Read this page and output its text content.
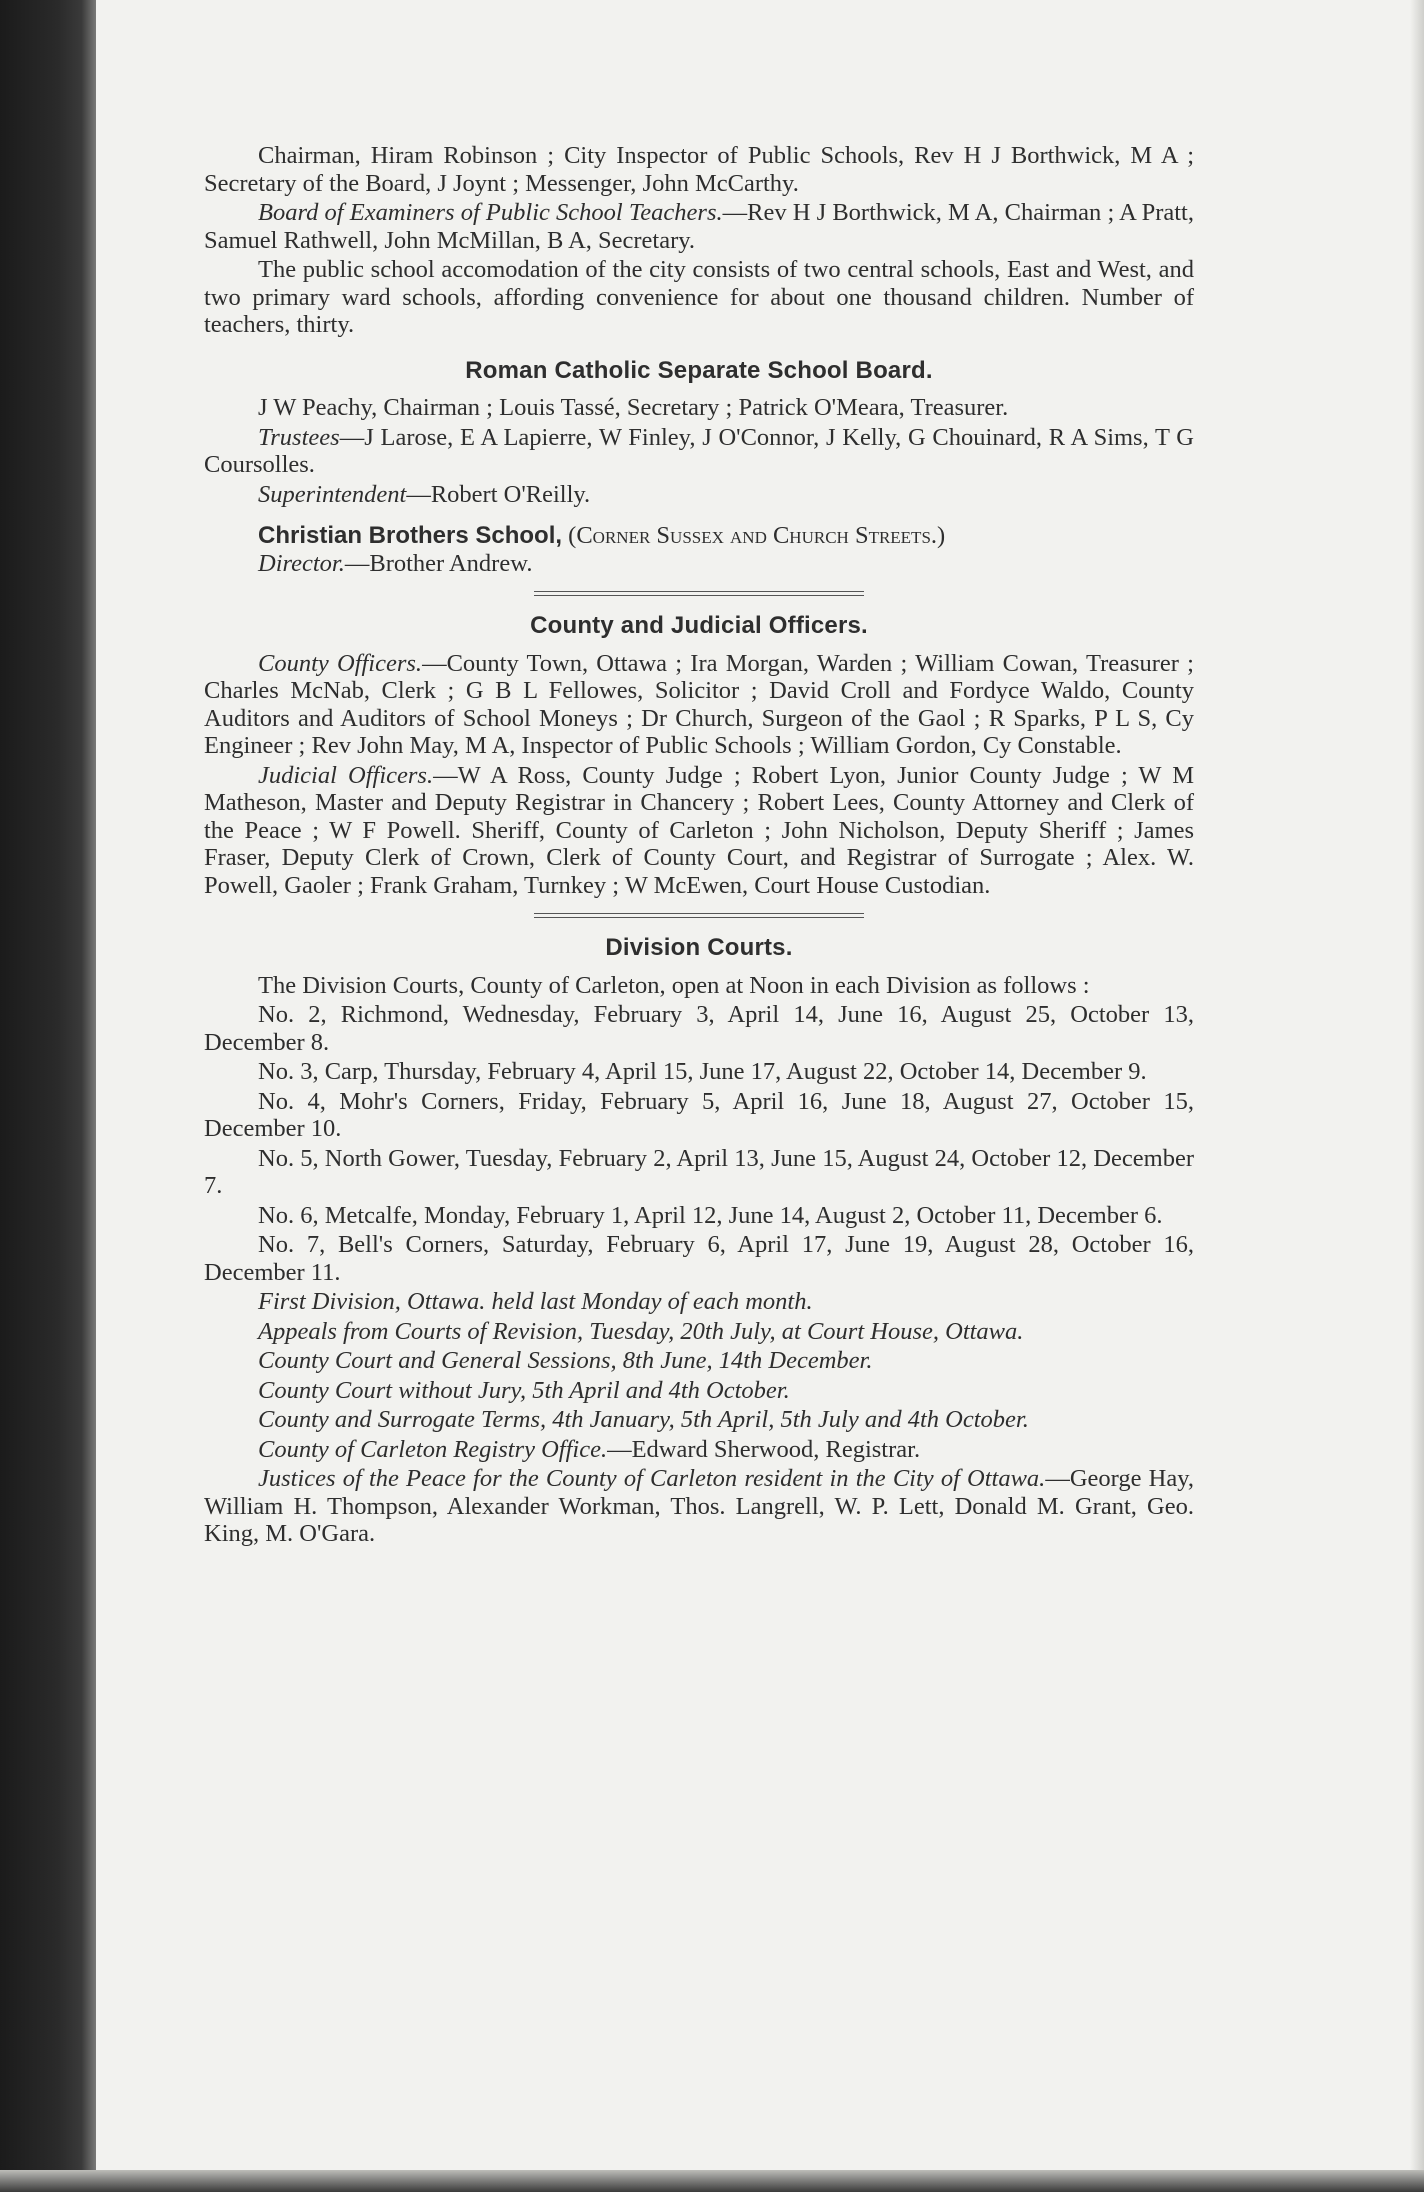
Chairman, Hiram Robinson ; City Inspector of Public Schools, Rev H J Borthwick, M A ; Secretary of the Board, J Joynt ; Messenger, John McCarthy.

Board of Examiners of Public School Teachers.—Rev H J Borthwick, M A, Chairman ; A Pratt, Samuel Rathwell, John McMillan, B A, Secretary.

The public school accomodation of the city consists of two central schools, East and West, and two primary ward schools, affording convenience for about one thousand children. Number of teachers, thirty.

Roman Catholic Separate School Board.

J W Peachy, Chairman ; Louis Tassé, Secretary ; Patrick O'Meara, Treasurer.

Trustees—J Larose, E A Lapierre, W Finley, J O'Connor, J Kelly, G Chouinard, R A Sims, T G Coursolles.

Superintendent—Robert O'Reilly.

Christian Brothers School, (Corner Sussex and Church Streets.)

Director.—Brother Andrew.

County and Judicial Officers.

County Officers.—County Town, Ottawa ; Ira Morgan, Warden ; William Cowan, Treasurer ; Charles McNab, Clerk ; G B L Fellowes, Solicitor ; David Croll and Fordyce Waldo, County Auditors and Auditors of School Moneys ; Dr Church, Surgeon of the Gaol ; R Sparks, P L S, Cy Engineer ; Rev John May, M A, Inspector of Public Schools ; William Gordon, Cy Constable.

Judicial Officers.—W A Ross, County Judge ; Robert Lyon, Junior County Judge ; W M Matheson, Master and Deputy Registrar in Chancery ; Robert Lees, County Attorney and Clerk of the Peace ; W F Powell. Sheriff, County of Carleton ; John Nicholson, Deputy Sheriff ; James Fraser, Deputy Clerk of Crown, Clerk of County Court, and Registrar of Surrogate ; Alex. W. Powell, Gaoler ; Frank Graham, Turnkey ; W McEwen, Court House Custodian.

Division Courts.

The Division Courts, County of Carleton, open at Noon in each Division as follows :

No. 2, Richmond, Wednesday, February 3, April 14, June 16, August 25, October 13, December 8.

No. 3, Carp, Thursday, February 4, April 15, June 17, August 22, October 14, December 9.

No. 4, Mohr's Corners, Friday, February 5, April 16, June 18, August 27, October 15, December 10.

No. 5, North Gower, Tuesday, February 2, April 13, June 15, August 24, October 12, December 7.

No. 6, Metcalfe, Monday, February 1, April 12, June 14, August 2, October 11, December 6.

No. 7, Bell's Corners, Saturday, February 6, April 17, June 19, August 28, October 16, December 11.

First Division, Ottawa. held last Monday of each month.

Appeals from Courts of Revision, Tuesday, 20th July, at Court House, Ottawa.

County Court and General Sessions, 8th June, 14th December.

County Court without Jury, 5th April and 4th October.

County and Surrogate Terms, 4th January, 5th April, 5th July and 4th October.

County of Carleton Registry Office.—Edward Sherwood, Registrar.

Justices of the Peace for the County of Carleton resident in the City of Ottawa.—George Hay, William H. Thompson, Alexander Workman, Thos. Langrell, W. P. Lett, Donald M. Grant, Geo. King, M. O'Gara.
